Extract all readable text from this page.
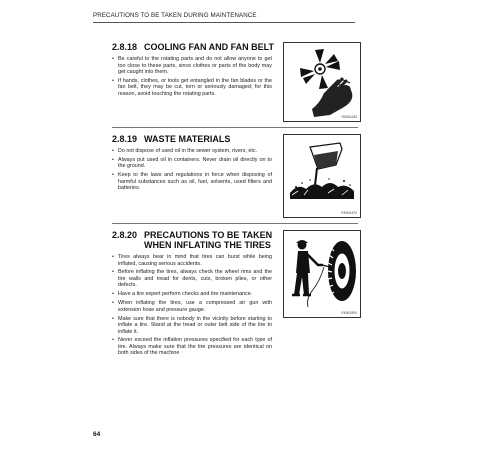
PRECAUTIONS TO BE TAKEN DURING MAINTENANCE
2.8.18 COOLING FAN AND FAN BELT
• Be careful to the rotating parts and do not allow anyone to get too close to these parts, since clothes or parts of the body may get caught into them.
• If hands, clothes, or tools get entangled in the fan blades or the fan belt, they may be cut, torn or seriously damaged; for this reason, avoid touching the rotating parts.
RKN01180
2.8.19 WASTE MATERIALS
• Do not dispose of used oil in the sewer system, rivers, etc.
• Always put used oil in containers. Never drain oil directly on to the ground.
• Keep to the laws and regulations in force when disposing of harmful substances such as oil, fuel, solvents, used filters and batteries.
RKN01670
2.8.20 PRECAUTIONS TO BE TAKEN
WHEN INFLATING THE TIRES
• Tires always bear in mind that tires can burst while being inflated, causing serious accidents.
• Before inflating the tires, always check the wheel rims and the tire walls and tread for dents, cuts, broken plies, or other defects.
• Have a tire expert perform checks and tire maintenance.
• When inflating the tires, use a compressed air gun with extension hose and pressure gauge.
• Make sure that there is nobody in the vicinity before starting to inflate a tire. Stand at the tread or outer belt side of the tire to inflate it.
• Never exceed the inflation pressures specified for each type of tire. Always make sure that the tire pressures are identical on both sides of the machine
RKN02900
64
